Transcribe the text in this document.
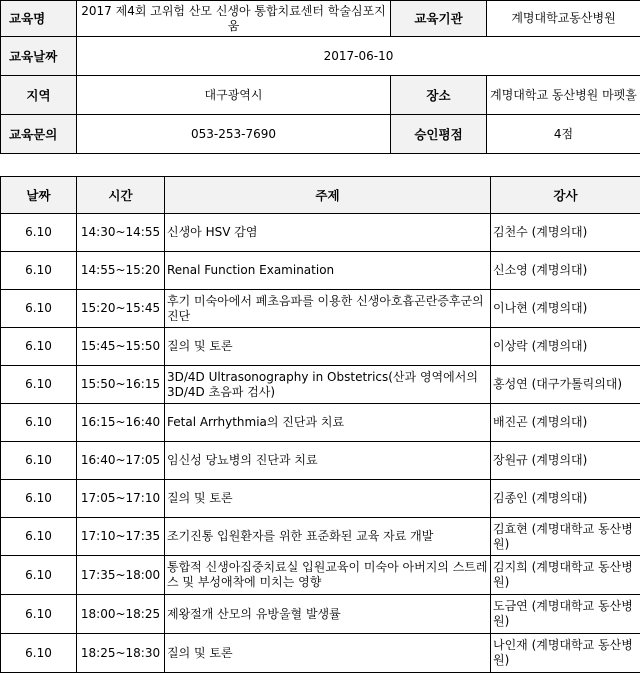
교육명	2017 제4회 고위험 산모 신생아 통합치료센터 학술심포지움	교육기관	계명대학교동산병원
교육날짜	2017-06-10		
지역	대구광역시	장소	계명대학교 동산병원 마펫홀
교육문의	053-253-7690	승인평점	4점
날짜	시간	주제	강사
6.10	14:30~14:55	신생아 HSV 감염	김천수 (계명의대)
6.10	14:55~15:20	Renal Function Examination	신소영 (계명의대)
6.10	15:20~15:45	후기 미숙아에서 폐초음파를 이용한 신생아호흡곤란증후군의 진단	이나현 (계명의대)
6.10	15:45~15:50	질의 및 토론	이상락 (계명의대)
6.10	15:50~16:15	3D/4D Ultrasonography in Obstetrics(산과 영역에서의 3D/4D 초음파 검사)	홍성연 (대구가톨릭의대)
6.10	16:15~16:40	Fetal Arrhythmia의 진단과 치료	배진곤 (계명의대)
6.10	16:40~17:05	임신성 당뇨병의 진단과 치료	장원규 (계명의대)
6.10	17:05~17:10	질의 및 토론	김종인 (계명의대)
6.10	17:10~17:35	조기진통 입원환자를 위한 표준화된 교육 자료 개발	김효현 (계명대학교 동산병원)
6.10	17:35~18:00	통합적 신생아집중치료실 입원교육이 미숙아 아버지의 스트레스 및 부성애착에 미치는 영향	김지희 (계명대학교 동산병원)
6.10	18:00~18:25	제왕절개 산모의 유방울혈 발생률	도금연 (계명대학교 동산병원)
6.10	18:25~18:30	질의 및 토론	나인재 (계명대학교 동산병원)
